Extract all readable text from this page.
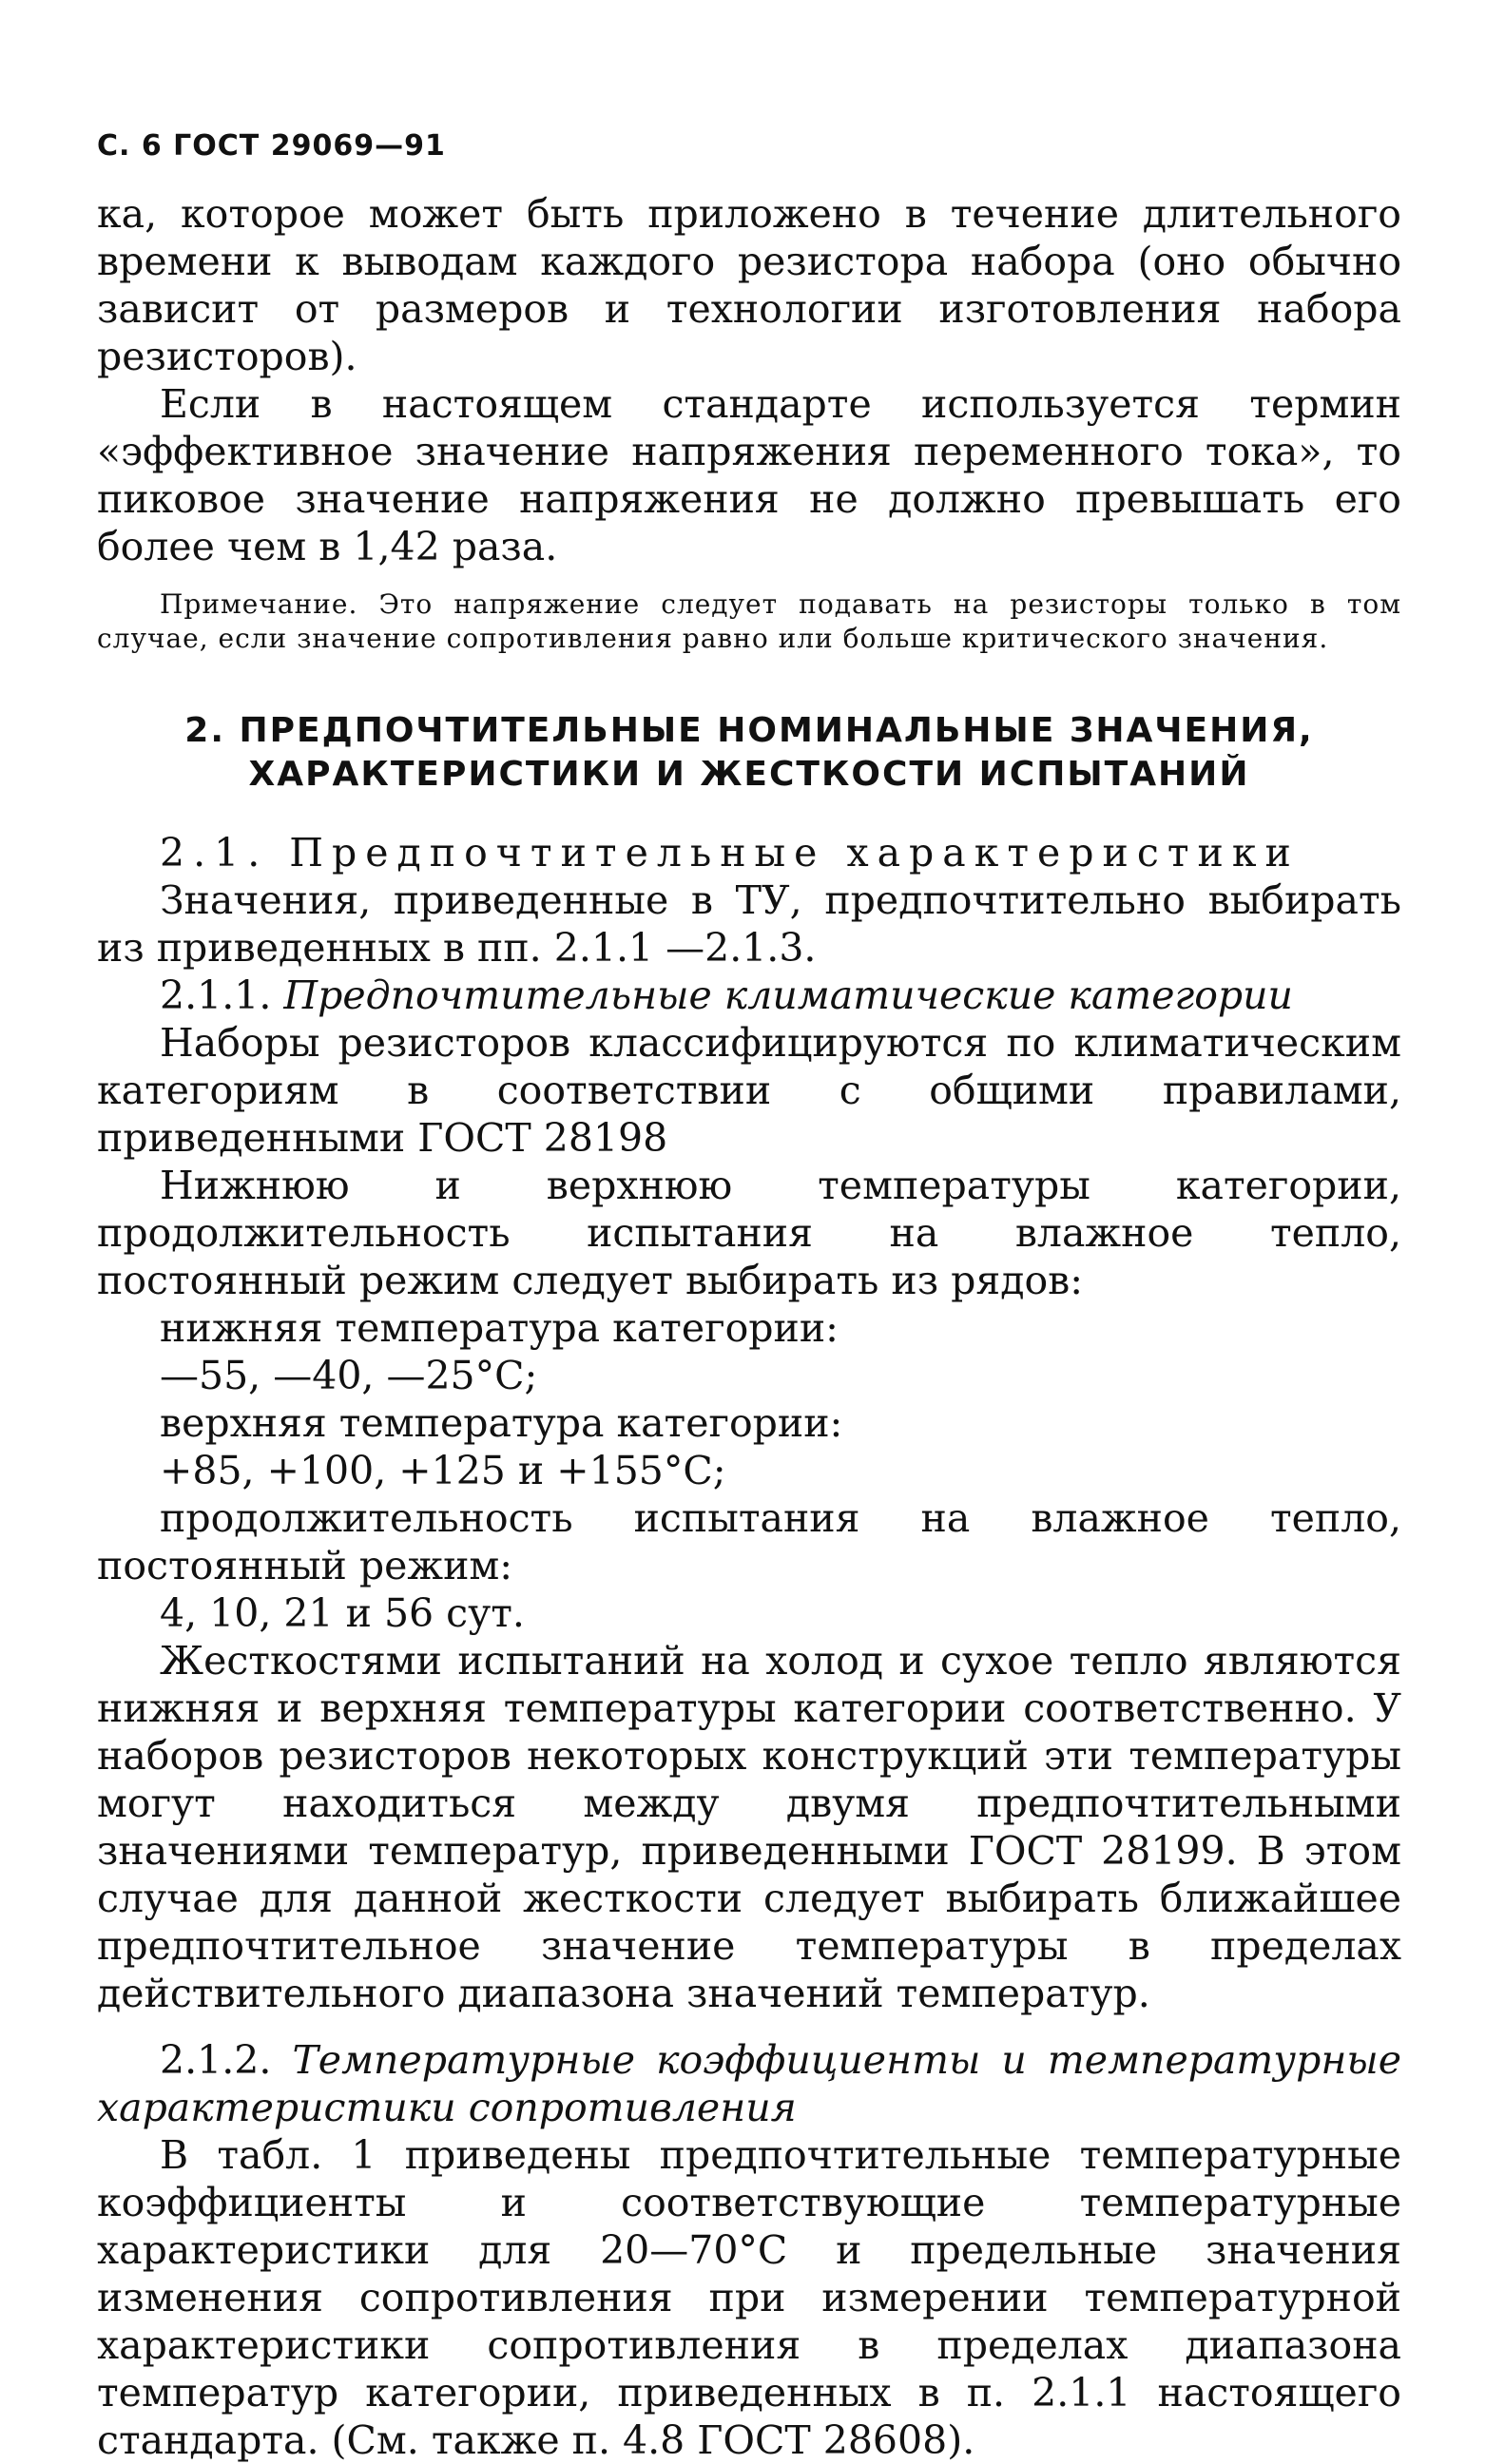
С. 6 ГОСТ 29069—91

ка, которое может быть приложено в течение длительного времени к выводам каждого резистора набора (оно обычно зависит от размеров и технологии изготовления набора резисторов).

Если в настоящем стандарте используется термин «эффективное значение напряжения переменного тока», то пиковое значение напряжения не должно превышать его более чем в 1,42 раза.

Примечание. Это напряжение следует подавать на резисторы только в том случае, если значение сопротивления равно или больше критического значения.

2. ПРЕДПОЧТИТЕЛЬНЫЕ НОМИНАЛЬНЫЕ ЗНАЧЕНИЯ,
ХАРАКТЕРИСТИКИ И ЖЕСТКОСТИ ИСПЫТАНИЙ

2.1. Предпочтительные характеристики

Значения, приведенные в ТУ, предпочтительно выбирать из приведенных в пп. 2.1.1 —2.1.3.

2.1.1. Предпочтительные климатические категории

Наборы резисторов классифицируются по климатическим категориям в соответствии с общими правилами, приведенными ГОСТ 28198

Нижнюю и верхнюю температуры категории, продолжительность испытания на влажное тепло, постоянный режим следует выбирать из рядов:

нижняя температура категории:

—55, —40, —25°С;

верхняя температура категории:

+85, +100, +125 и +155°С;

продолжительность испытания на влажное тепло, постоянный режим:

4, 10, 21 и 56 сут.

Жесткостями испытаний на холод и сухое тепло являются нижняя и верхняя температуры категории соответственно. У наборов резисторов некоторых конструкций эти температуры могут находиться между двумя предпочтительными значениями температур, приведенными ГОСТ 28199. В этом случае для данной жесткости следует выбирать ближайшее предпочтительное значение температуры в пределах действительного диапазона значений температур.

2.1.2. Температурные коэффициенты и температурные характеристики сопротивления

В табл. 1 приведены предпочтительные температурные коэффициенты и соответствующие температурные характеристики для 20—70°С и предельные значения изменения сопротивления при измерении температурной характеристики сопротивления в пределах диапазона температур категории, приведенных в п. 2.1.1 настоящего стандарта. (См. также п. 4.8 ГОСТ 28608).
